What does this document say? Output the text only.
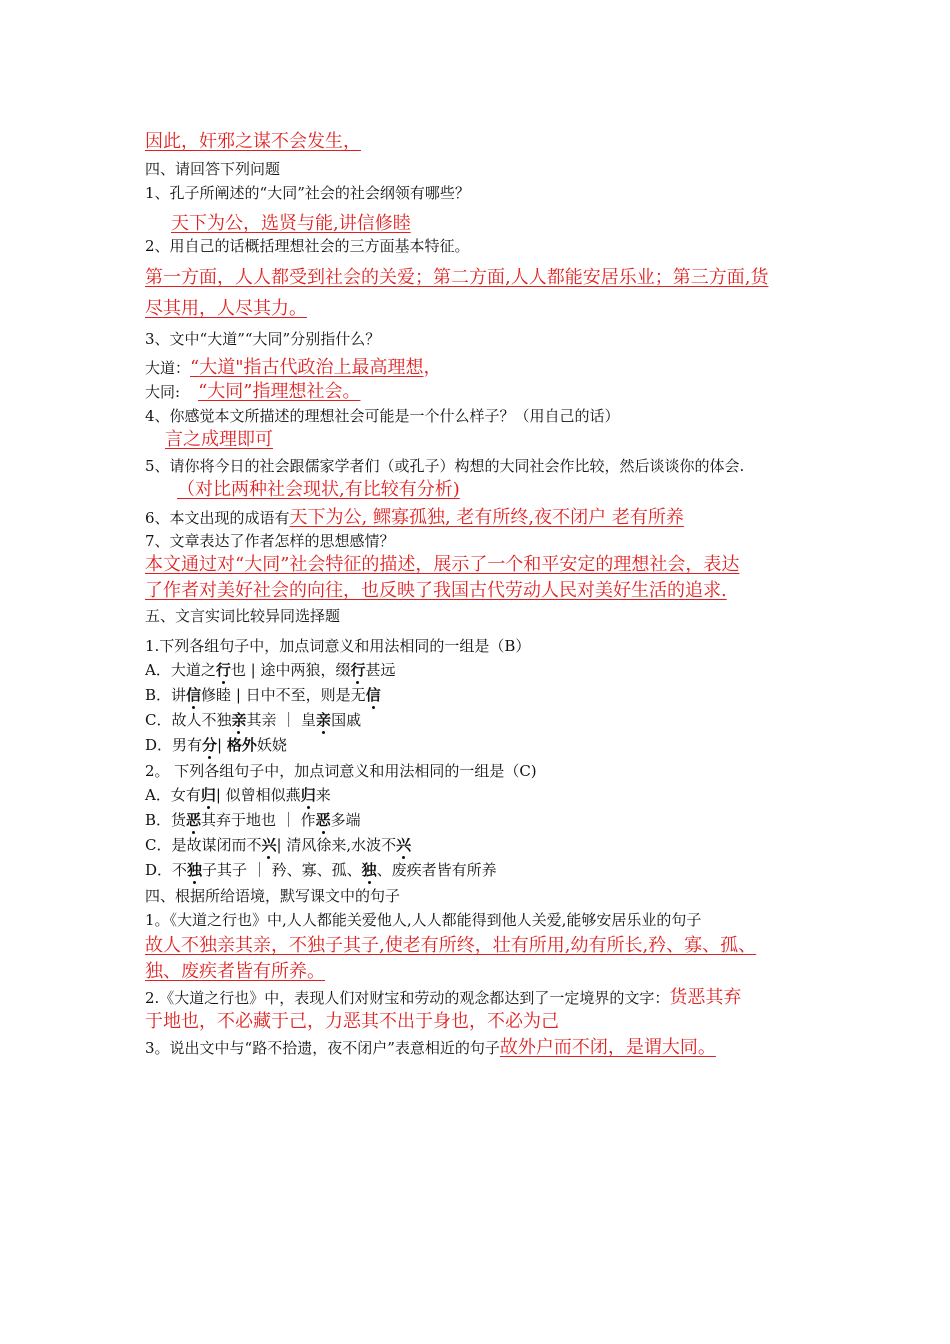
因此，奸邪之谋不会发生，
四、请回答下列问题
1、孔子所阐述的“大同”社会的社会纲领有哪些？
天下为公，选贤与能,讲信修睦
2、用自己的话概括理想社会的三方面基本特征。
第一方面，人人都受到社会的关爱；第二方面,人人都能安居乐业；第三方面,货
尽其用，人尽其力。
3、文中“大道”“大同”分别指什么？
大道：“大道"指古代政治上最高理想，
大同: “大同”指理想社会。
4、你感觉本文所描述的理想社会可能是一个什么样子？（用自己的话）
言之成理即可
5、请你将今日的社会跟儒家学者们（或孔子）构想的大同社会作比较，然后谈谈你的体会.
（对比两种社会现状,有比较有分析)
6、本文出现的成语有天下为公, 鳏寡孤独, 老有所终,夜不闭户 老有所养
7、文章表达了作者怎样的思想感情？
本文通过对“大同”社会特征的描述，展示了一个和平安定的理想社会，表达
了作者对美好社会的向往，也反映了我国古代劳动人民对美好生活的追求.
五、文言实词比较异同选择题
1.下列各组句子中，加点词意义和用法相同的一组是（B）
A．大道之行也 | 途中两狼，缀行甚远
B．讲信修睦 | 日中不至，则是无信
C．故人不独亲其亲 ｜ 皇亲国戚
D．男有分| 格外妖娆
2。 下列各组句子中，加点词意义和用法相同的一组是（C)
A．女有归| 似曾相似燕归来
B．货恶其弃于地也 ｜ 作恶多端
C．是故谋闭而不兴| 清风徐来,水波不兴
D．不独子其子 ｜ 矜、寡、孤、独、废疾者皆有所养
四、根据所给语境，默写课文中的句子
1。《大道之行也》中,人人都能关爱他人,人人都能得到他人关爱,能够安居乐业的句子
故人不独亲其亲，不独子其子,使老有所终，壮有所用,幼有所长,矜、寡、孤、
独、废疾者皆有所养。
2.《大道之行也》中，表现人们对财宝和劳动的观念都达到了一定境界的文字：货恶其弃
于地也，不必藏于己，力恶其不出于身也，不必为己
3。说出文中与“路不拾遗，夜不闭户”表意相近的句子故外户而不闭，是谓大同。
